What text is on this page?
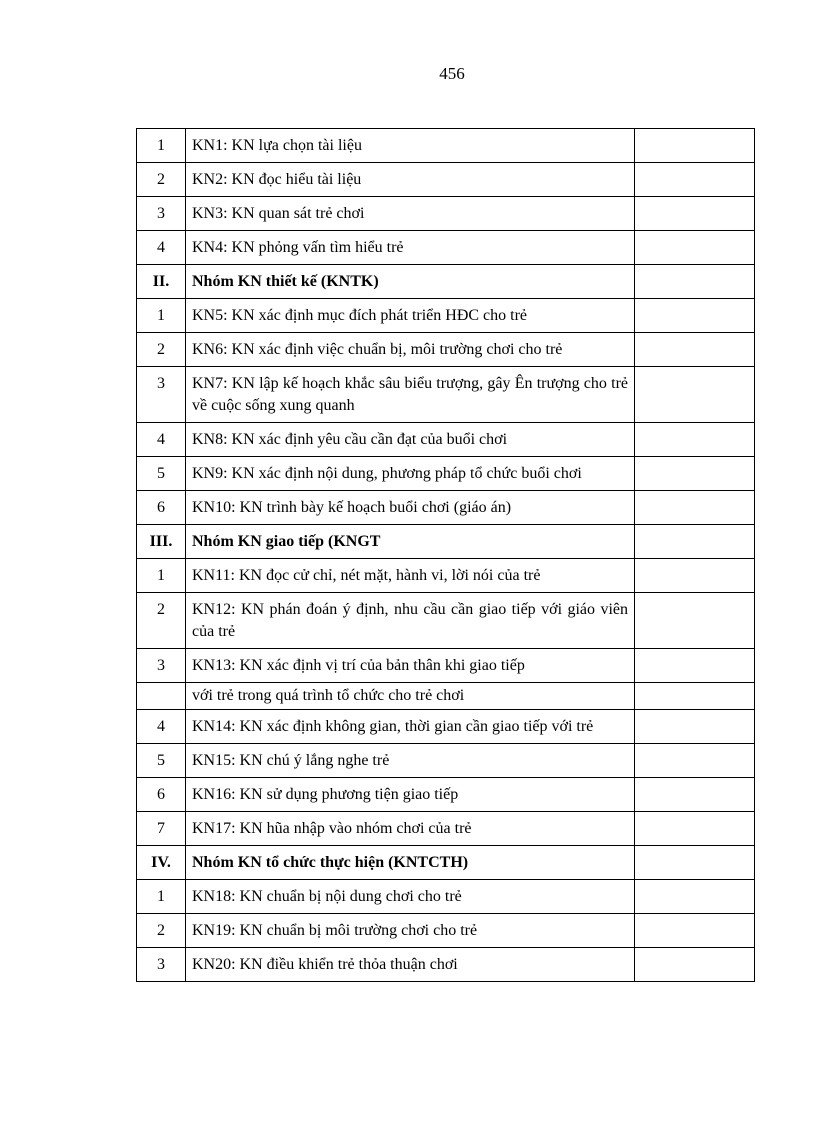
456
1	KN1: KN lựa chọn tài liệu	
2	KN2: KN đọc hiểu tài liệu	
3	KN3: KN quan sát trẻ chơi	
4	KN4: KN phỏng vấn tìm hiểu trẻ	
II.	Nhóm KN thiết kế (KNTK)	
1	KN5: KN xác định mục đích phát triển HĐC cho trẻ	
2	KN6: KN xác định việc chuẩn bị, môi trường chơi cho trẻ	
3	KN7: KN lập kế hoạch khắc sâu biểu trượng, gây Ên trượng cho trẻ về cuộc sống xung quanh	
4	KN8: KN xác định yêu cầu cần đạt của buổi chơi	
5	KN9: KN xác định nội dung, phương pháp tổ chức buổi chơi	
6	KN10: KN trình bày kế hoạch buổi chơi (giáo án)	
III.	Nhóm KN giao tiếp (KNGT	
1	KN11: KN đọc cử chỉ, nét mặt, hành vi, lời nói của trẻ	
2	KN12: KN phán đoán ý định, nhu cầu cần giao tiếp với giáo viên của trẻ	
3	KN13: KN xác định vị trí của bản thân khi giao tiếp	
	với trẻ trong quá trình tổ chức cho trẻ chơi	
4	KN14: KN xác định không gian, thời gian cần giao tiếp với trẻ	
5	KN15: KN chú ý lắng nghe trẻ	
6	KN16: KN sử dụng phương tiện giao tiếp	
7	KN17: KN hũa nhập vào nhóm chơi của trẻ	
IV.	Nhóm KN tổ chức thực hiện (KNTCTH)	
1	KN18: KN chuẩn bị nội dung chơi cho trẻ	
2	KN19: KN chuẩn bị môi trường chơi cho trẻ	
3	KN20: KN điều khiển trẻ thỏa thuận chơi	
